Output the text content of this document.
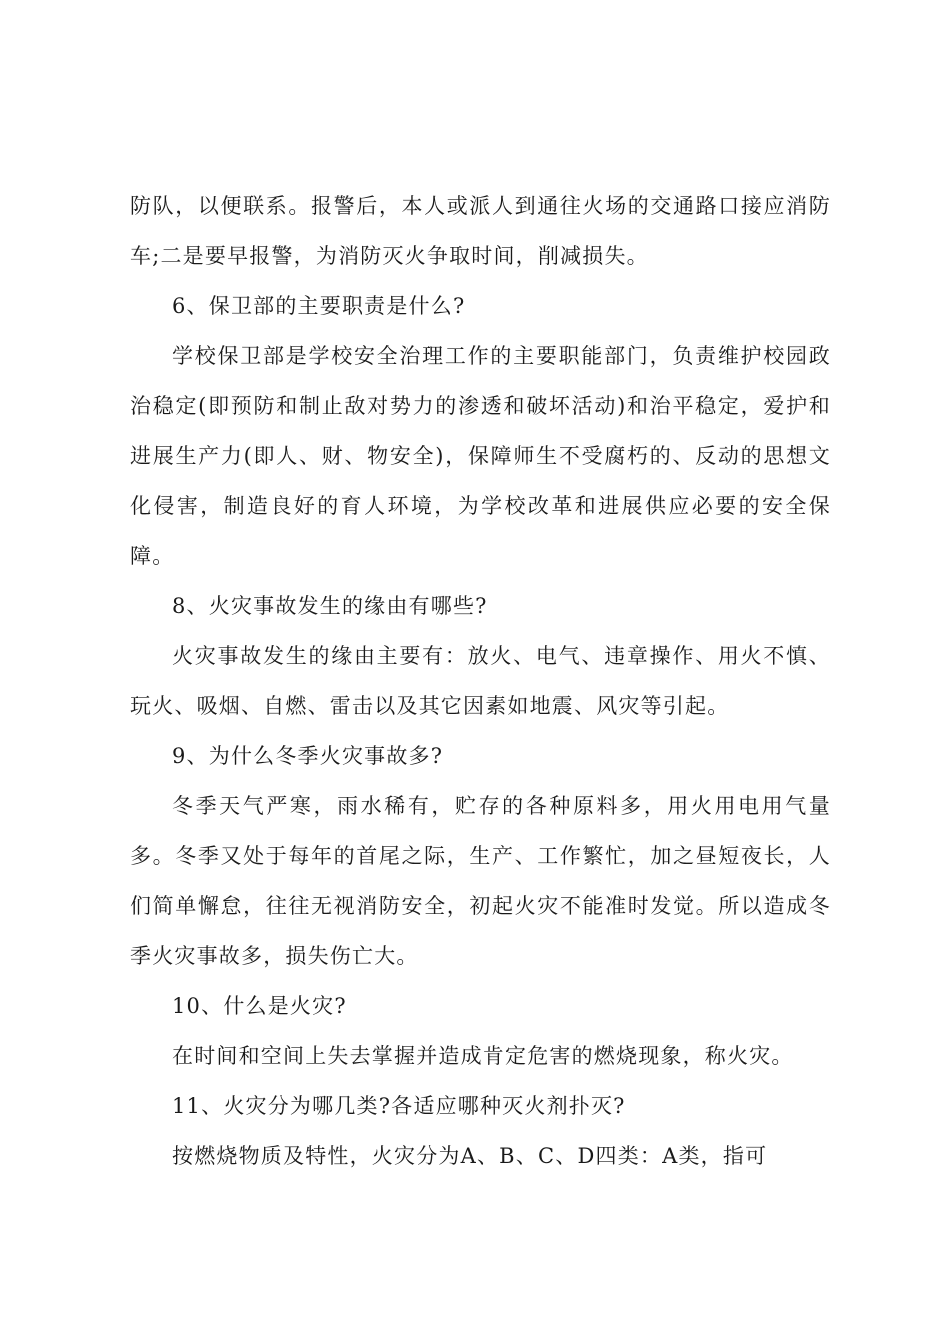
防队，以便联系。报警后，本人或派人到通往火场的交通路口接应消防
车;二是要早报警，为消防灭火争取时间，削减损失。
6、保卫部的主要职责是什么?
学校保卫部是学校安全治理工作的主要职能部门，负责维护校园政
治稳定(即预防和制止敌对势力的渗透和破坏活动)和治平稳定，爱护和
进展生产力(即人、财、物安全)，保障师生不受腐朽的、反动的思想文
化侵害，制造良好的育人环境，为学校改革和进展供应必要的安全保
障。
8、火灾事故发生的缘由有哪些?
火灾事故发生的缘由主要有：放火、电气、违章操作、用火不慎、
玩火、吸烟、自燃、雷击以及其它因素如地震、风灾等引起。
9、为什么冬季火灾事故多?
冬季天气严寒，雨水稀有，贮存的各种原料多，用火用电用气量
多。冬季又处于每年的首尾之际，生产、工作繁忙，加之昼短夜长，人
们简单懈怠，往往无视消防安全，初起火灾不能准时发觉。所以造成冬
季火灾事故多，损失伤亡大。
10、什么是火灾?
在时间和空间上失去掌握并造成肯定危害的燃烧现象，称火灾。
11、火灾分为哪几类?各适应哪种灭火剂扑灭?
按燃烧物质及特性，火灾分为A、B、C、D四类：A类，指可
